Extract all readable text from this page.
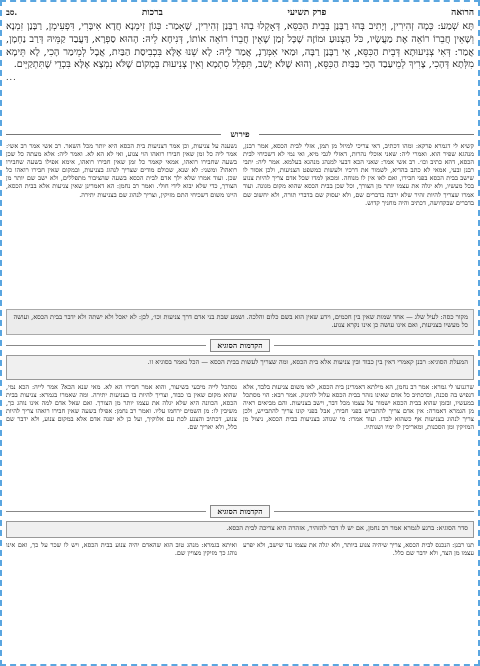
הרואה
פרק תשיעי
ברכות
סב.
תָּא שְׁמַע: כְּמָה זְהִירִין, וְיָתִיב בְּהוּ רַבָּנַן בְּבֵית הַכִּסֵּא, דְּאָקְלוּ בְהוּ רַבָּנַן זְהִירִין, שֶׁאָמַר: כְּגוֹן זִימְנָא חֲדָא אִיבָּרִי, דִּפְעִימְן, רַבָּנַן זִמְנָא וְשָׁאֵין חֲבֵרוֹ רוֹאֵה אֶת מַעֲשָׂיו, כֹּל הַצְנוּעַ וּמוֹזֶה שֶׁכָּל זְמַן שֶׁאֵין חֲבֵרוֹ רוֹאֵה אוֹתוֹ, דְּנִיחָא לֵיהּ: הָהוּא סַפְרָא, דַּעֲבַד קַמֵּיהּ דְּרַב נַחְמָן, אֲמַר: דְּאִי צְנִיעוּתָא דְּבֵית הַכִּסֵּא, אִי רַבָּנַן רַבָּה, וּמַאי אִמְּרַנְ, אֲמַר לֵיהּ: לָא שְׁנוּ אֶלָּא בִּכְבִיסַת הַבַּיִת, אֲבָל לְמֵימַר הָכִי, לָא תֵּימָא מִלְּתָא דְּהָכִי, צָרִיךְ לְמֵיעַבַד הָכִי בַּבַּיִת הַכִּסֵּא, וְהוּא שֶׁלֹּא יָשַׁב, תִּפְלֵל סִתְמָא וְאִין צְנִיעוּת בְּמָקוֹם שֶׁלֹּא נִמְצָא אֶלָּא בִּכְדֵי שֶׁתִּתְקַיֵּים.
...
פירוש
קשיא לי דגמרא פרקא: ומהו דכתיב, דאי צריכי למיזל מן תמן, אזלי לבית הכסא, אמר רבנן, מנהגא שפיר הוא. ואמרי ליה: שאני אוכלי נהרות, דאזלי לגבי מיא, ואי נמי לא דשכיחי לבית הכסא, דהא כתיב וכו׳. רב אשי אמר: שאני הכא דבעי למנהג מנהגא בעלמא. אמר ליה: יתבי רבנן ובעי, אמאי לא כתב בהדיא, לשמור את דרכיו ולעשות כמשפט הצניעות, ולכן אסור לו שישב בבית הכסא בפני חבירו, ואם לאו אין לו מנוחה. ומכאן למדו שכל אדם צריך להיות צנוע בכל מעשיו, ולא יגלה את עצמו יותר מן הצורך, וכל שכן בבית הכסא שהוא מקום מגונה. ועוד אמרו שצריך להיות זהיר שלא ירבה בדברים שם, ולא יעסוק שם בדברי תורה, ולא יחשוב שם בדברים שבקדושה, דכתיב והיה מחניך קדוש.
נשענה על צניעות, וכן אמר דצניעות בית הכסא היא יותר מכל השאר. רב אשי אמר רב אשי: אמר ליה כל זמן שאין חבירו רואהו הוי צנוע, ואי לא הא לא. ואמר ליה: אלא מעתה כל שכן בשעה שחבירו רואהו, אמאי קאמר כל זמן שאין חבירו רואהו, אימא אפילו בשעה שחבירו רואהו? ומשני: לא שנא, שכולם מודים שצריך לנהוג בצניעות, ובמקום שאין חבירו רואהו כל שכן. ועוד אמרו שלא ילך אדם לבית הכסא בשעה שהציבור מתפללים, ולא ישב שם יותר מן הצורך, כדי שלא יבוא לידי חולי. ואמר רב נחמן: הא דאמרינן שאין צניעות אלא בבית הכסא, היינו משום דשכיחי התם מזיקין, וצריך לנהוג שם בצניעות יתירה.
מקור כסה: לעיל שלג — אחד שמות שאין בין חכמים, וידע שאין הוא בשם כלום והלכה. ושמע שבת בני אדם דרך צניעות וכו׳, לכן: לא יאכל ולא ישתה ולא ידבר בבית הכסא, ועושה כל מעשיו בצניעות, ואם אינו עושה כן אינו נקרא צנוע.
הקדמות הסוגיא
המעלת הסוגיא: רבנן קאמרי דאין בין כבוד ובין צניעות אלא בית הכסא, ומה שצריך לעשות בבית הכסא — הכל נאמר בסוגיא זו.
שרגנועו לי גמרא: אמר רב נחמן, הא מילתא דאמרינן בית הכסא, לאו משום צניעות בלבד, אלא דנפיש בה סכנה, וכדכתיב כל אדם שאינו נזהר בבית הכסא עלול להינזק. אמר רבא: הוי מסתכל במעשיו, ובזמן שהוא בבית הכסא ישמור על עצמו מכל דבר, וישב בצניעות. והם מביאים ראיה מן הגמרא דאמרה: אין אדם צריך להתבייש בפני חבירו, אבל בפני קונו צריך להתבייש, ולכן צריך לנהוג בצניעות אף כשהוא לבדו. ועוד אמרו: מי שנוהג בצניעות בבית הכסא, ניצול מן המזיקין ומן הסכנות, ומאריכין לו ימיו ושנותיו.
נסתכל לייה מיבעי בשיעור, והוא אמר חבירו הא לא. מאי שנא הכא? אמר לייה: הכא נמי, שהוא מקום שאין בו כבוד, וצריך להיות בו בצניעות יתירה. ומה שאמרו בגמרא: צניעות בבית הכסא, הכוונה היא שלא יגלה את עצמו יותר מן הצורך. ואם שאל אדם למה אינו נוהג כך, משיבין לו: מן השמים ירחמו עליו. ואמר רב נחמן: אפילו בשעה שאין חבירו רואהו צריך להיות צנוע, דכתיב והצנע לכת עם אלוקיך, ועל כן לא יפנה אדם אלא במקום צנוע, ולא ידבר שם כלל, ולא יאריך שם.
הקדמות הסוגיא
סדר הסוגיא: ברגע לגמרא אמר רב נחמן, אם יש לו דבר להזהיר, אזהרה היא צריכה לבית הכסא.
תנו רבנן: הנכנס לבית הכסא, צריך שיהיה צנוע ביותר, ולא יגלה את עצמו עד שישב, ולא יפרע עצמו מן הצד, ולא ידבר שם כלל.
ואיתא בגמרא: מנהג טוב הוא שהאדם יהיה צנוע בבית הכסא, ויש לו שכר על כך, ואם אינו נוהג כך מזיקין מצויין שם.
